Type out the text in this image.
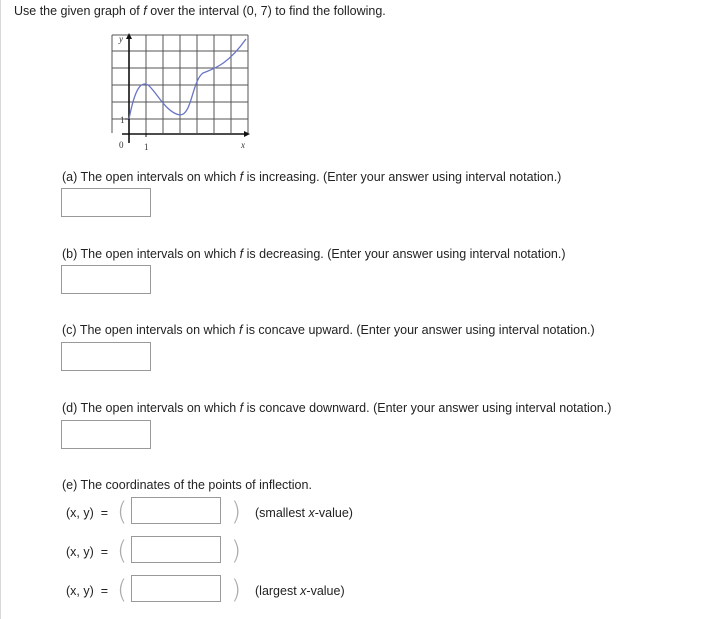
Use the given graph of f over the interval (0, 7) to find the following.
y
x
0 1
1
(a) The open intervals on which f is increasing. (Enter your answer using interval notation.)
(b) The open intervals on which f is decreasing. (Enter your answer using interval notation.)
(c) The open intervals on which f is concave upward. (Enter your answer using interval notation.)
(d) The open intervals on which f is concave downward. (Enter your answer using interval notation.)
(e) The coordinates of the points of inflection.
(x, y) = (	) (smallest x-value)
(x, y) = (	)
(x, y) = (	) (largest x-value)
